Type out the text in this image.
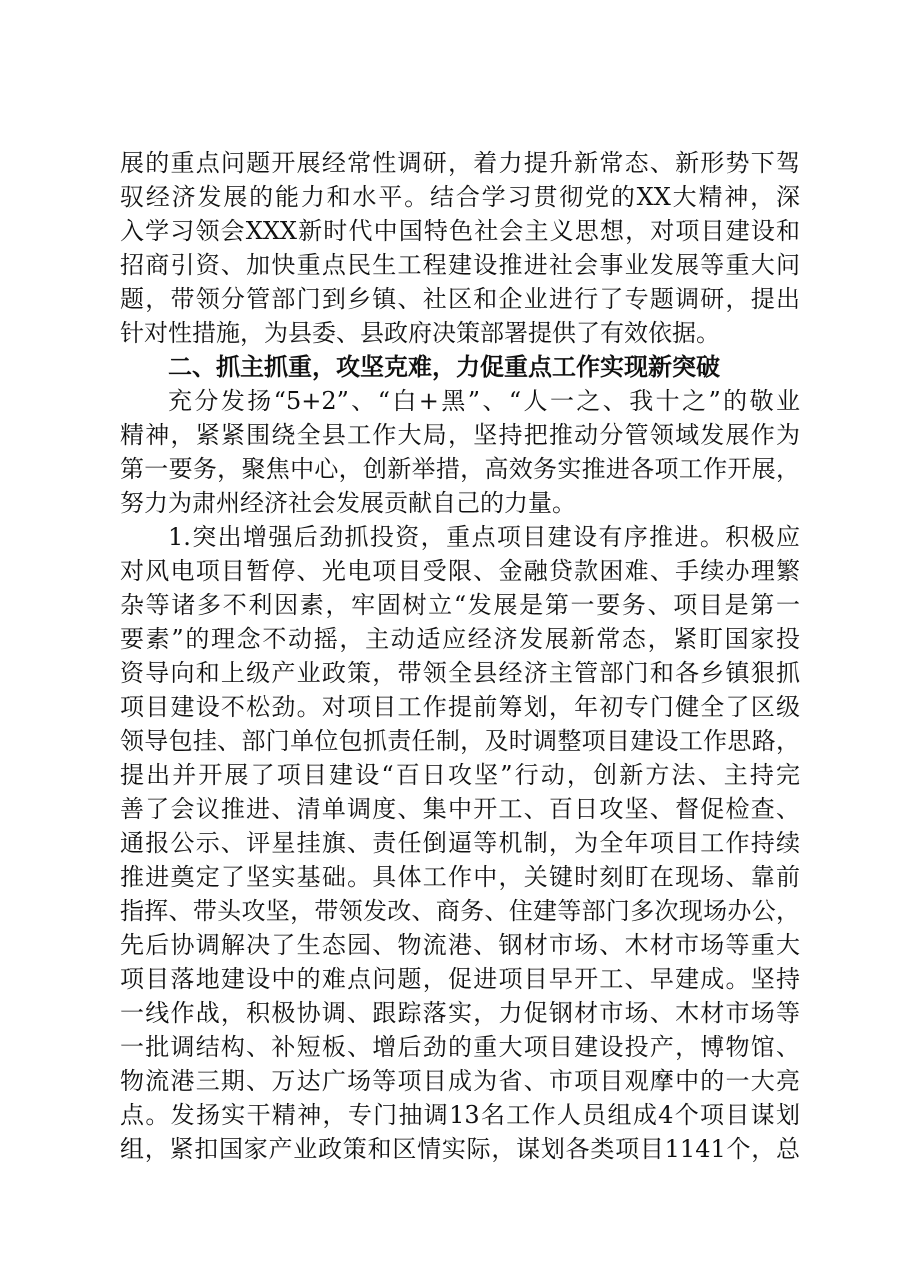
展的重点问题开展经常性调研，着力提升新常态、新形势下驾
驭经济发展的能力和水平。结合学习贯彻党的XX大精神，深
入学习领会XXX新时代中国特色社会主义思想，对项目建设和
招商引资、加快重点民生工程建设推进社会事业发展等重大问
题，带领分管部门到乡镇、社区和企业进行了专题调研，提出
针对性措施，为县委、县政府决策部署提供了有效依据。
二、抓主抓重，攻坚克难，力促重点工作实现新突破
充分发扬“5+2”、“白+黑”、“人一之、我十之”的敬业
精神，紧紧围绕全县工作大局，坚持把推动分管领域发展作为
第一要务，聚焦中心，创新举措，高效务实推进各项工作开展，
努力为肃州经济社会发展贡献自己的力量。
1.突出增强后劲抓投资，重点项目建设有序推进。积极应
对风电项目暂停、光电项目受限、金融贷款困难、手续办理繁
杂等诸多不利因素，牢固树立“发展是第一要务、项目是第一
要素”的理念不动摇，主动适应经济发展新常态，紧盯国家投
资导向和上级产业政策，带领全县经济主管部门和各乡镇狠抓
项目建设不松劲。对项目工作提前筹划，年初专门健全了区级
领导包挂、部门单位包抓责任制，及时调整项目建设工作思路，
提出并开展了项目建设“百日攻坚”行动，创新方法、主持完
善了会议推进、清单调度、集中开工、百日攻坚、督促检查、
通报公示、评星挂旗、责任倒逼等机制，为全年项目工作持续
推进奠定了坚实基础。具体工作中，关键时刻盯在现场、靠前
指挥、带头攻坚，带领发改、商务、住建等部门多次现场办公，
先后协调解决了生态园、物流港、钢材市场、木材市场等重大
项目落地建设中的难点问题，促进项目早开工、早建成。坚持
一线作战，积极协调、跟踪落实，力促钢材市场、木材市场等
一批调结构、补短板、增后劲的重大项目建设投产，博物馆、
物流港三期、万达广场等项目成为省、市项目观摩中的一大亮
点。发扬实干精神，专门抽调13名工作人员组成4个项目谋划
组，紧扣国家产业政策和区情实际，谋划各类项目1141个，总
